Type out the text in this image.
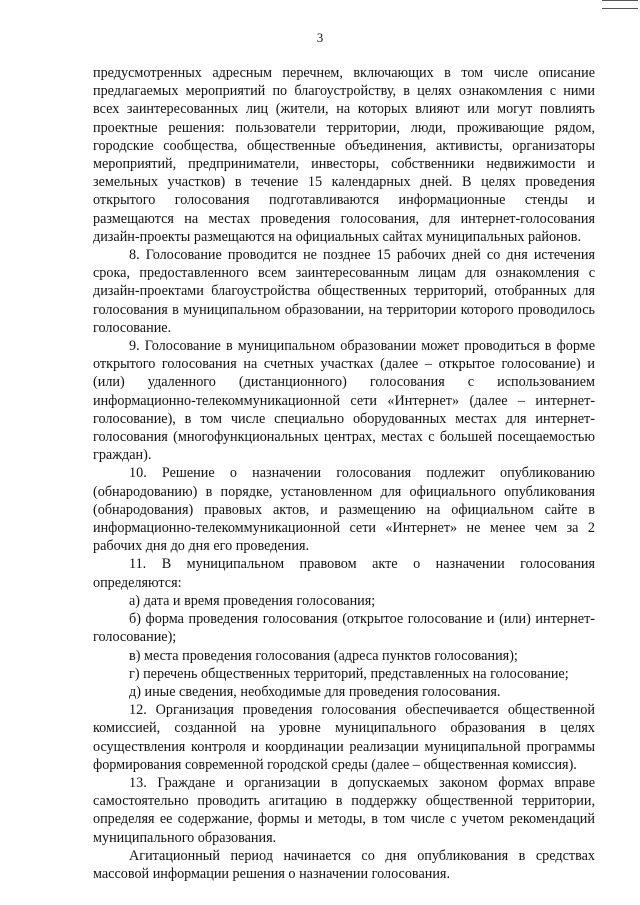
3

предусмотренных адресным перечнем, включающих в том числе описание предлагаемых мероприятий по благоустройству, в целях ознакомления с ними всех заинтересованных лиц (жители, на которых влияют или могут повлиять проектные решения: пользователи территории, люди, проживающие рядом, городские сообщества, общественные объединения, активисты, организаторы мероприятий, предприниматели, инвесторы, собственники недвижимости и земельных участков) в течение 15 календарных дней. В целях проведения открытого голосования подготавливаются информационные стенды и размещаются на местах проведения голосования, для интернет-голосования дизайн-проекты размещаются на официальных сайтах муниципальных районов.

8. Голосование проводится не позднее 15 рабочих дней со дня истечения срока, предоставленного всем заинтересованным лицам для ознакомления с дизайн-проектами благоустройства общественных территорий, отобранных для голосования в муниципальном образовании, на территории которого проводилось голосование.

9. Голосование в муниципальном образовании может проводиться в форме открытого голосования на счетных участках (далее – открытое голосование) и (или) удаленного (дистанционного) голосования с использованием информационно-телекоммуникационной сети «Интернет» (далее – интернет-голосование), в том числе специально оборудованных местах для интернет-голосования (многофункциональных центрах, местах с большей посещаемостью граждан).

10. Решение о назначении голосования подлежит опубликованию (обнародованию) в порядке, установленном для официального опубликования (обнародования) правовых актов, и размещению на официальном сайте в информационно-телекоммуникационной сети «Интернет» не менее чем за 2 рабочих дня до дня его проведения.

11. В муниципальном правовом акте о назначении голосования определяются:

а) дата и время проведения голосования;

б) форма проведения голосования (открытое голосование и (или) интернет-голосование);

в) места проведения голосования (адреса пунктов голосования);

г) перечень общественных территорий, представленных на голосование;

д) иные сведения, необходимые для проведения голосования.

12. Организация проведения голосования обеспечивается общественной комиссией, созданной на уровне муниципального образования в целях осуществления контроля и координации реализации муниципальной программы формирования современной городской среды (далее – общественная комиссия).

13. Граждане и организации в допускаемых законом формах вправе самостоятельно проводить агитацию в поддержку общественной территории, определяя ее содержание, формы и методы, в том числе с учетом рекомендаций муниципального образования.

Агитационный период начинается со дня опубликования в средствах массовой информации решения о назначении голосования.
